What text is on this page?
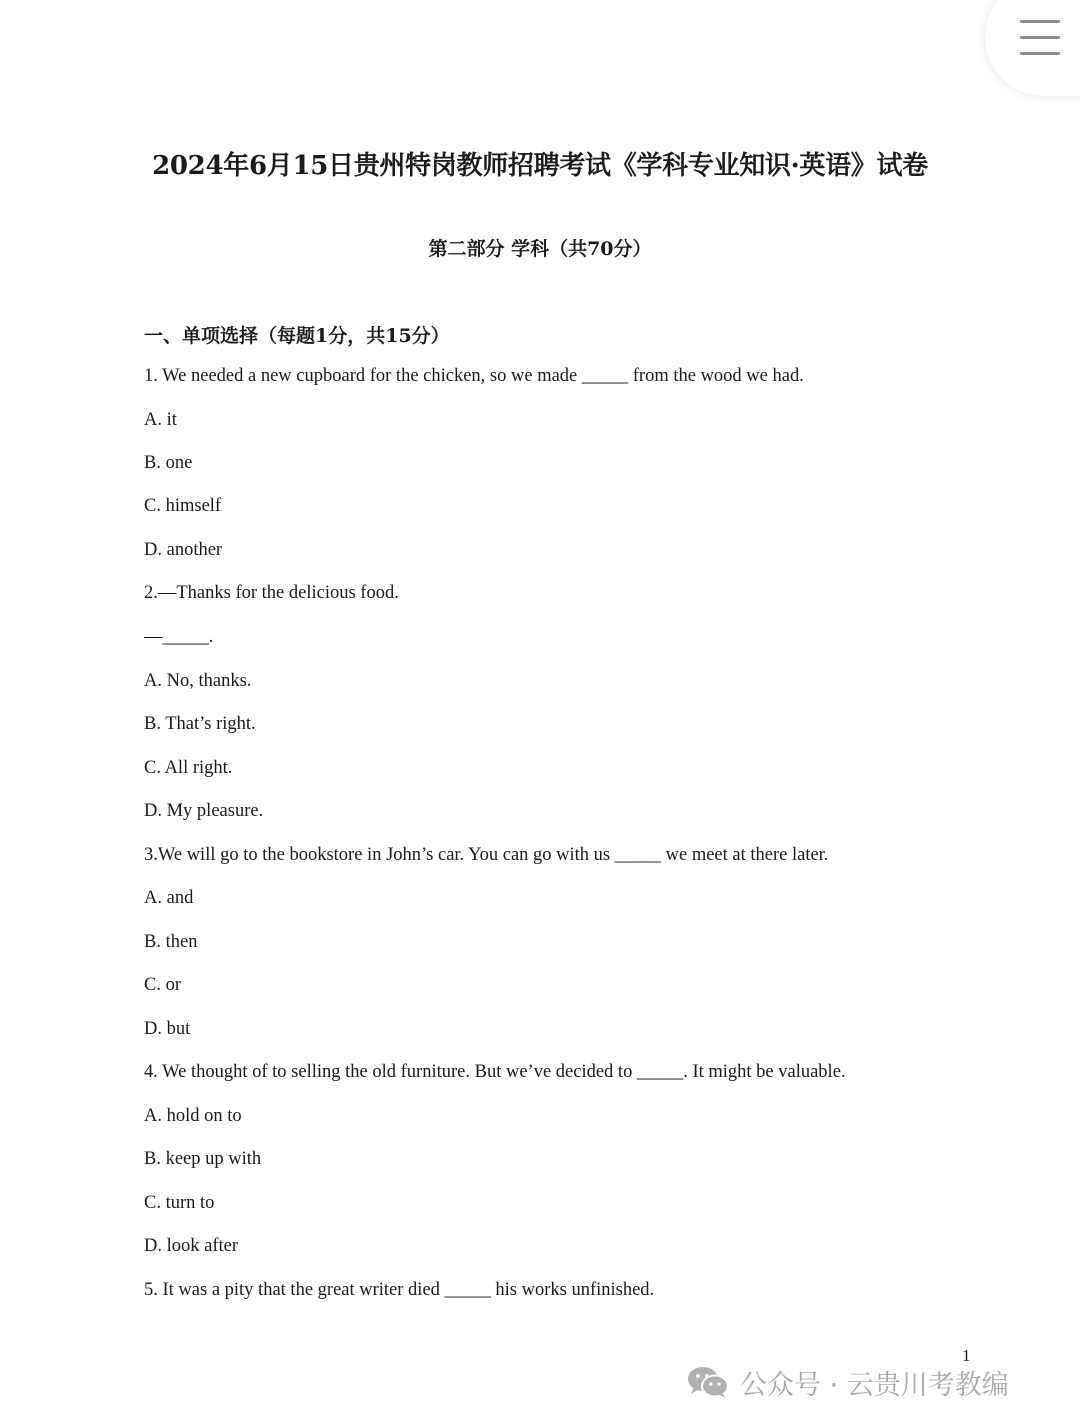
2024年6月15日贵州特岗教师招聘考试《学科专业知识·英语》试卷
第二部分 学科（共70分）
一、单项选择（每题1分，共15分）
1. We needed a new cupboard for the chicken, so we made _____ from the wood we had.
A. it
B. one
C. himself
D. another
2.—Thanks for the delicious food.
—_____.
A. No, thanks.
B. That’s right.
C. All right.
D. My pleasure.
3.We will go to the bookstore in John’s car. You can go with us _____ we meet at there later.
A. and
B. then
C. or
D. but
4. We thought of to selling the old furniture. But we’ve decided to _____. It might be valuable.
A. hold on to
B. keep up with
C. turn to
D. look after
5. It was a pity that the great writer died _____ his works unfinished.
1
公众号 · 云贵川考教编
